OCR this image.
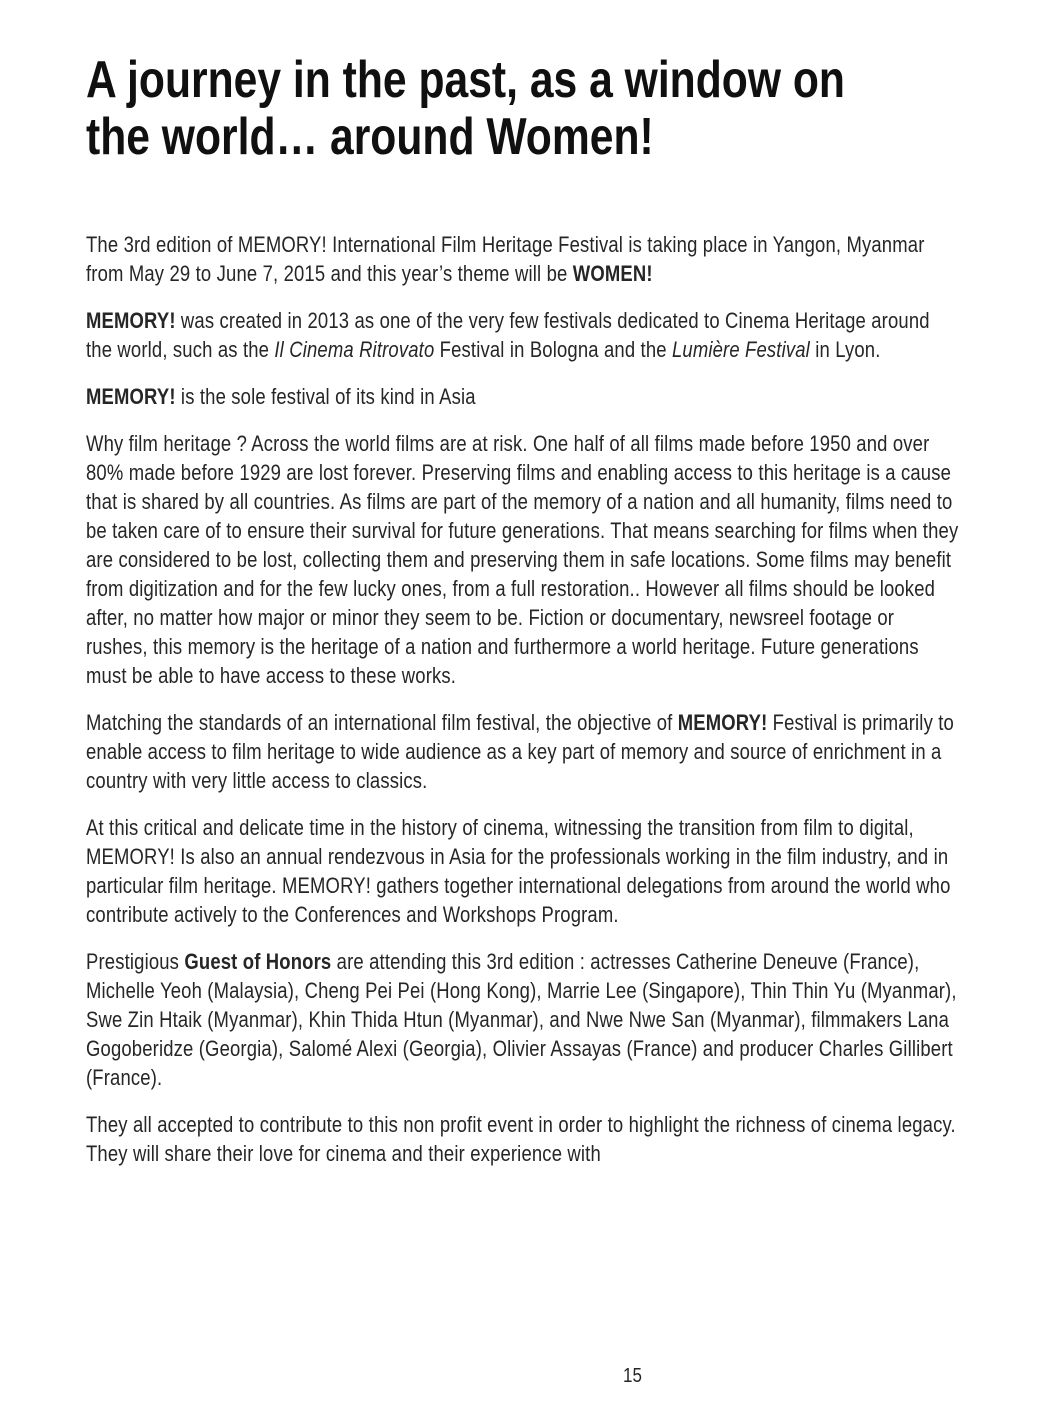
A journey in the past, as a window on
the world… around Women!

The 3rd edition of MEMORY! International Film Heritage Festival is taking place in Yangon, Myanmar from May 29 to June 7, 2015 and this year’s theme will be WOMEN!

MEMORY! was created in 2013 as one of the very few festivals dedicated to Cinema Heritage around the world, such as the Il Cinema Ritrovato Festival in Bologna and the Lumière Festival in Lyon.

MEMORY! is the sole festival of its kind in Asia

Why film heritage ? Across the world films are at risk. One half of all films made before 1950 and over 80% made before 1929 are lost forever. Preserving films and enabling access to this heritage is a cause that is shared by all countries. As films are part of the memory of a nation and all humanity, films need to be taken care of to ensure their survival for future generations. That means searching for films when they are considered to be lost, collecting them and preserving them in safe locations. Some films may benefit from digitization and for the few lucky ones, from a full restoration.. However all films should be looked after, no matter how major or minor they seem to be. Fiction or documentary, newsreel footage or rushes, this memory is the heritage of a nation and furthermore a world heritage. Future generations must be able to have access to these works.

Matching the standards of an international film festival, the objective of MEMORY! Festival is primarily to enable access to film heritage to wide audience as a key part of memory and source of enrichment in a country with very little access to classics.

At this critical and delicate time in the history of cinema, witnessing the transition from film to digital, MEMORY! Is also an annual rendezvous in Asia for the professionals working in the film industry, and in particular film heritage. MEMORY! gathers together international delegations from around the world who contribute actively to the Conferences and Workshops Program.

Prestigious Guest of Honors are attending this 3rd edition : actresses Catherine Deneuve (France), Michelle Yeoh (Malaysia), Cheng Pei Pei (Hong Kong), Marrie Lee (Singapore), Thin Thin Yu (Myanmar), Swe Zin Htaik (Myanmar), Khin Thida Htun (Myanmar), and Nwe Nwe San (Myanmar), filmmakers Lana Gogoberidze (Georgia), Salomé Alexi (Georgia), Olivier Assayas (France) and producer Charles Gillibert (France).

They all accepted to contribute to this non profit event in order to highlight the richness of cinema legacy. They will share their love for cinema and their experience with

15
